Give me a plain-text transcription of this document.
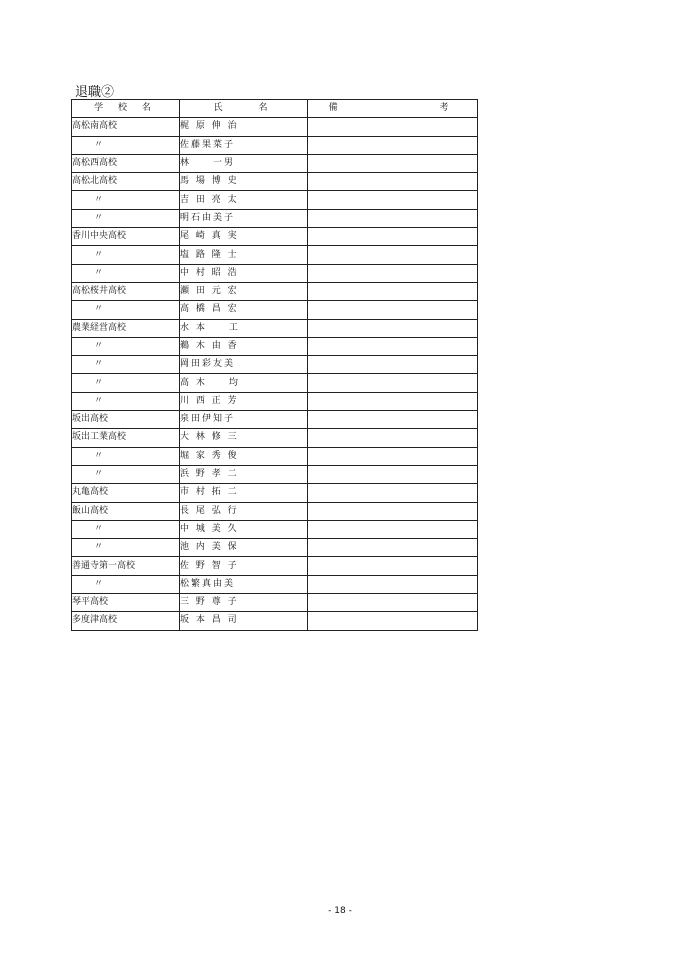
退職②
学 校 名	氏　　名	備　　考
高松南高校	梶 原 伸 治	
〃	佐藤果菜子	
高松西高校	林　　一男	
高松北高校	馬 場 博 史	
〃	吉 田 亮 太	
〃	明石由美子	
香川中央高校	尾 崎 真 実	
〃	塩 路 隆 士	
〃	中 村 昭 浩	
高松桜井高校	瀬 田 元 宏	
〃	高 橋 昌 宏	
農業経営高校	水 本　　工	
〃	鵜 木 由 香	
〃	岡田彩友美	
〃	高 木　　均	
〃	川 西 正 芳	
坂出高校	泉田伊知子	
坂出工業高校	大 林 修 三	
〃	堀 家 秀 俊	
〃	浜 野 孝 二	
丸亀高校	市 村 拓 二	
飯山高校	長 尾 弘 行	
〃	中 城 美 久	
〃	池 内 美 保	
善通寺第一高校	佐 野 智 子	
〃	松繁真由美	
琴平高校	三 野 尊 子	
多度津高校	坂 本 昌 司	
- 18 -
